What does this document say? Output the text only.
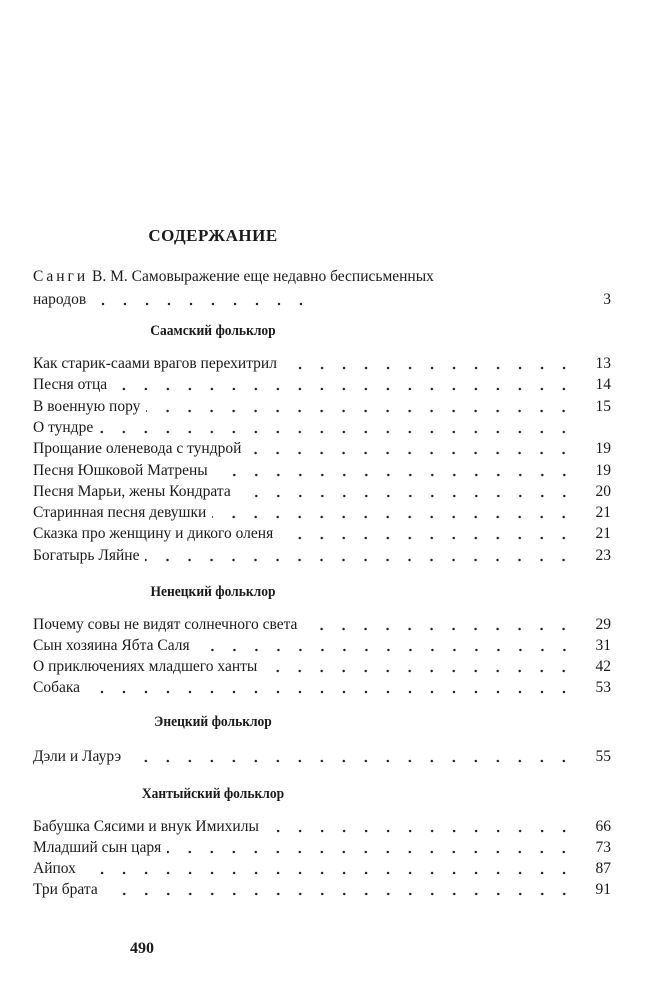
СОДЕРЖАНИЕ
Санги В. М. Самовыражение еще недавно бесписьменных
народов	3
Саамский фольклор
Как старик-саами врагов перехитрил	13
Песня отца	14
В военную пору	15
О тундре
Прощание оленевода с тундрой	19
Песня Юшковой Матрены	19
Песня Марьи, жены Кондрата	20
Старинная песня девушки	21
Сказка про женщину и дикого оленя	21
Богатырь Ляйне	23
Ненецкий фольклор
Почему совы не видят солнечного света	29
Сын хозяина Ябта Саля	31
О приключениях младшего ханты	42
Собака	53
Энецкий фольклор
Дэли и Лаурэ	55
Хантыйский фольклор
Бабушка Сясими и внук Имихилы	66
Младший сын царя	73
Айпох	87
Три брата	91
490
